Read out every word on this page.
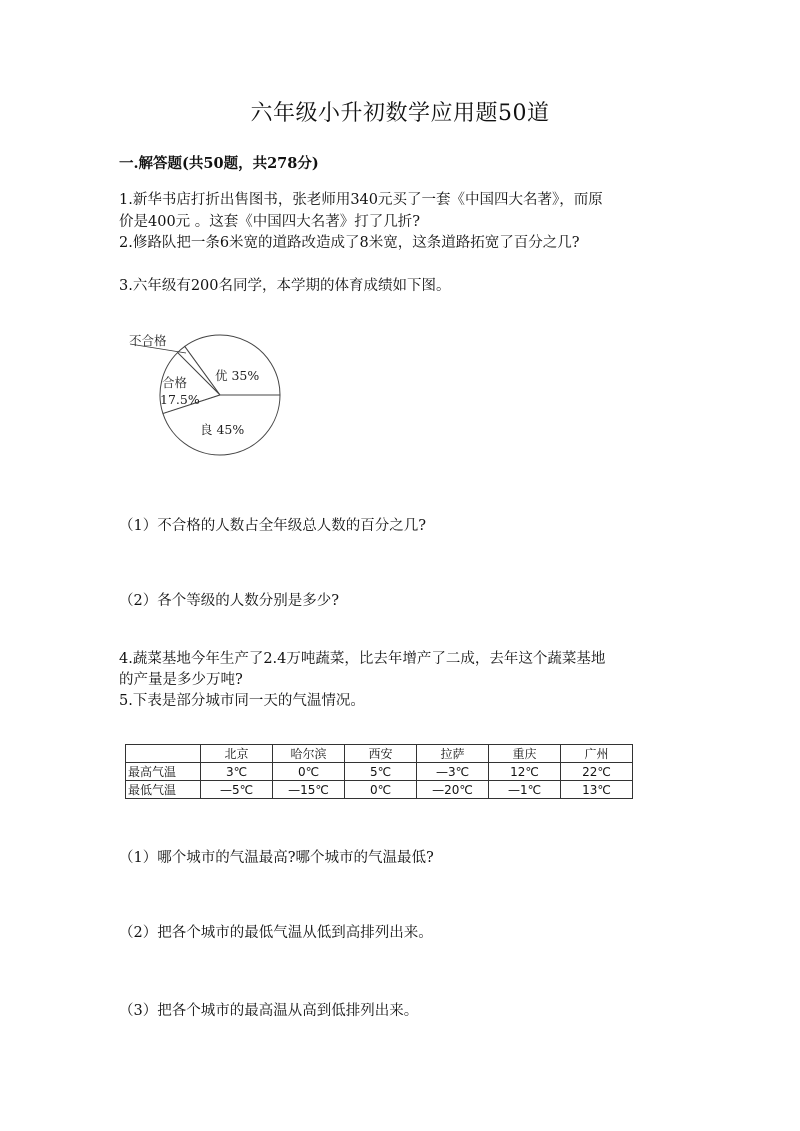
六年级小升初数学应用题50道
一.解答题(共50题，共278分)
1.新华书店打折出售图书，张老师用340元买了一套《中国四大名著》，而原
价是400元 。这套《中国四大名著》打了几折?
2.修路队把一条6米宽的道路改造成了8米宽，这条道路拓宽了百分之几?
3.六年级有200名同学，本学期的体育成绩如下图。
不合格
优 35%
合格
17.5%
良 45%
（1）不合格的人数占全年级总人数的百分之几?
（2）各个等级的人数分别是多少?
4.蔬菜基地今年生产了2.4万吨蔬菜，比去年增产了二成，去年这个蔬菜基地
的产量是多少万吨?
5.下表是部分城市同一天的气温情况。
	北京	哈尔滨	西安	拉萨	重庆	广州
最高气温	3℃	0℃	5℃	—3℃	12℃	22℃
最低气温	—5℃	—15℃	0℃	—20℃	—1℃	13℃
（1）哪个城市的气温最高?哪个城市的气温最低?
（2）把各个城市的最低气温从低到高排列出来。
（3）把各个城市的最高温从高到低排列出来。
